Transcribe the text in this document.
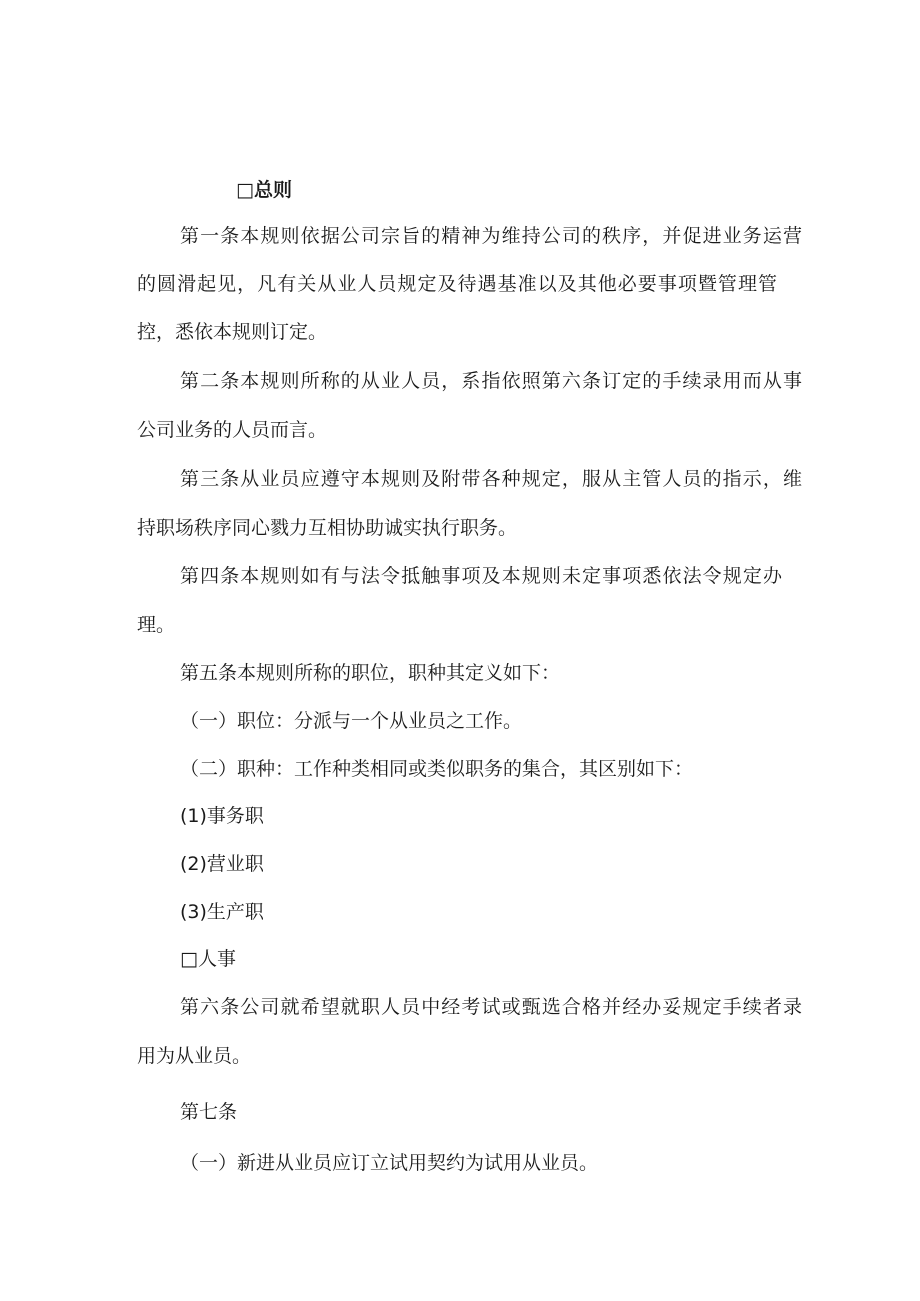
□总则
第一条本规则依据公司宗旨的精神为维持公司的秩序，并促进业务运营
的圆滑起见，凡有关从业人员规定及待遇基准以及其他必要事项暨管理管
控，悉依本规则订定。
第二条本规则所称的从业人员，系指依照第六条订定的手续录用而从事
公司业务的人员而言。
第三条从业员应遵守本规则及附带各种规定，服从主管人员的指示，维
持职场秩序同心戮力互相协助诚实执行职务。
第四条本规则如有与法令抵触事项及本规则未定事项悉依法令规定办
理。
第五条本规则所称的职位，职种其定义如下：
（一）职位：分派与一个从业员之工作。
（二）职种：工作种类相同或类似职务的集合，其区别如下：
(1)事务职
(2)营业职
(3)生产职
□人事
第六条公司就希望就职人员中经考试或甄选合格并经办妥规定手续者录
用为从业员。
第七条
（一）新进从业员应订立试用契约为试用从业员。
